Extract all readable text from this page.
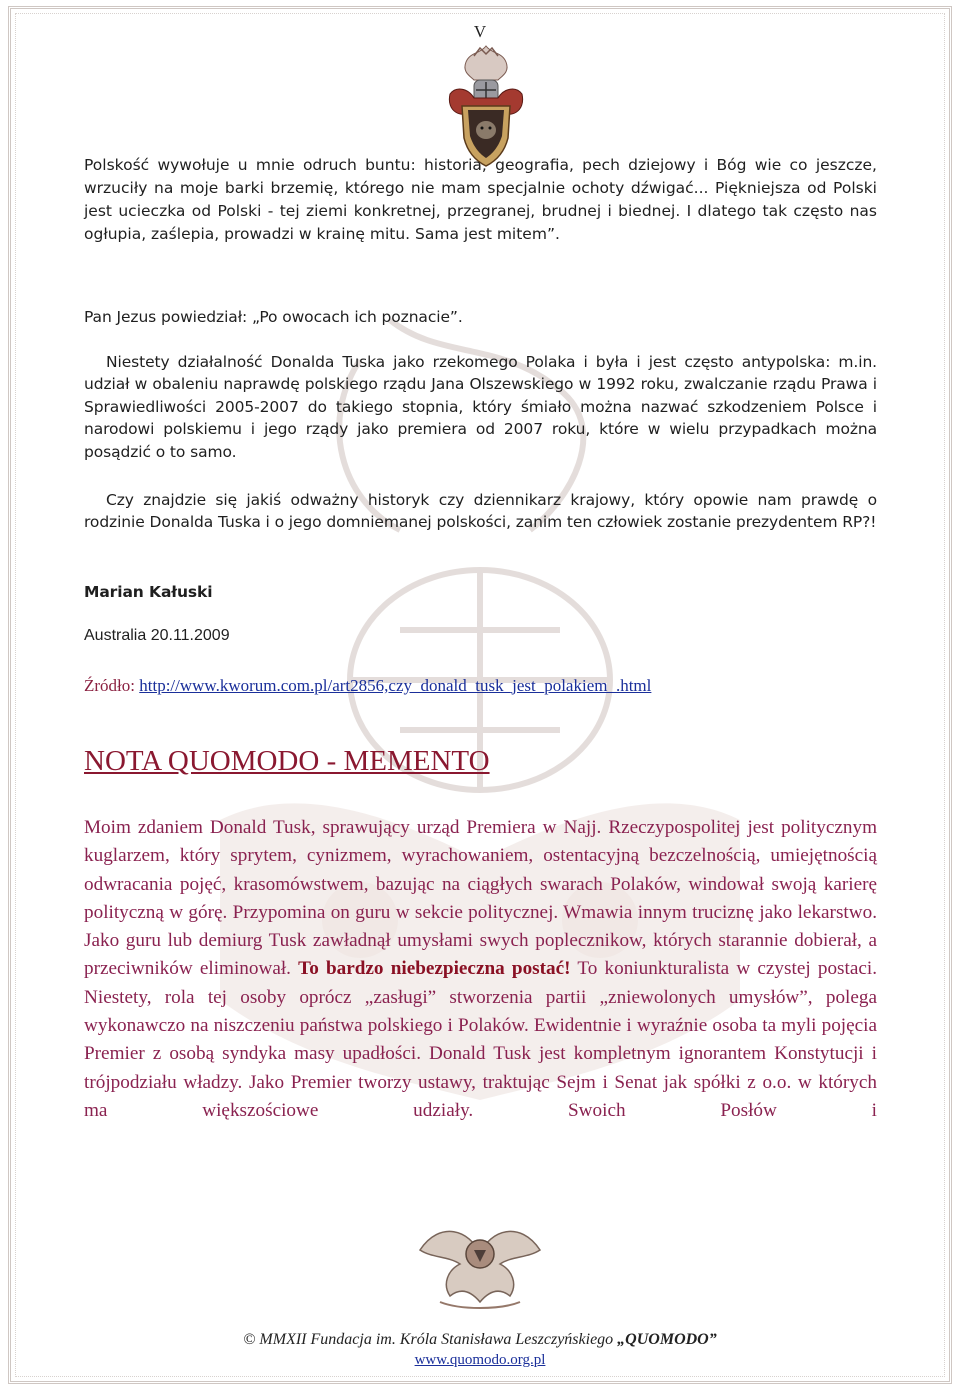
V

Polskość wywołuje u mnie odruch buntu: historia, geografia, pech dziejowy i Bóg wie co jeszcze, wrzuciły na moje barki brzemię, którego nie mam specjalnie ochoty dźwigać... Piękniejsza od Polski jest ucieczka od Polski - tej ziemi konkretnej, przegranej, brudnej i biednej. I dlatego tak często nas ogłupia, zaślepia, prowadzi w krainę mitu. Sama jest mitem”.

Pan Jezus powiedział: „Po owocach ich poznacie”.

Niestety działalność Donalda Tuska jako rzekomego Polaka i była i jest często antypolska: m.in. udział w obaleniu naprawdę polskiego rządu Jana Olszewskiego w 1992 roku, zwalczanie rządu Prawa i Sprawiedliwości 2005-2007 do takiego stopnia, który śmiało można nazwać szkodzeniem Polsce i narodowi polskiemu i jego rządy jako premiera od 2007 roku, które w wielu przypadkach można posądzić o to samo.

Czy znajdzie się jakiś odważny historyk czy dziennikarz krajowy, który opowie nam prawdę o rodzinie Donalda Tuska i o jego domniemanej polskości, zanim ten człowiek zostanie prezydentem RP?!

Marian Kałuski

Australia 20.11.2009

Źródło: http://www.kworum.com.pl/art2856,czy_donald_tusk_jest_polakiem_.html

NOTA QUOMODO - MEMENTO

Moim zdaniem Donald Tusk, sprawujący urząd Premiera w Najj. Rzeczypospolitej jest politycznym kuglarzem, który sprytem, cynizmem, wyrachowaniem, ostentacyjną bezczelnością, umiejętnością odwracania pojęć, krasomówstwem, bazując na ciągłych swarach Polaków, windował swoją karierę polityczną w górę. Przypomina on guru w sekcie politycznej. Wmawia innym truciznę jako lekarstwo. Jako guru lub demiurg Tusk zawładnął umysłami swych poplecznikow, których starannie dobierał, a przeciwników eliminował. To bardzo niebezpieczna postać! To koniunkturalista w czystej postaci. Niestety, rola tej osoby oprócz „zasługi” stworzenia partii „zniewolonych umysłów”, polega wykonawczo na niszczeniu państwa polskiego i Polaków. Ewidentnie i wyraźnie osoba ta myli pojęcia Premier z osobą syndyka masy upadłości. Donald Tusk jest kompletnym ignorantem Konstytucji i trójpodziału władzy. Jako Premier tworzy ustawy, traktując Sejm i Senat jak spółki z o.o. w których ma większościowe udziały. Swoich Posłów i

© MMXII Fundacja im. Króla Stanisława Leszczyńskiego „QUOMODO”
www.quomodo.org.pl
